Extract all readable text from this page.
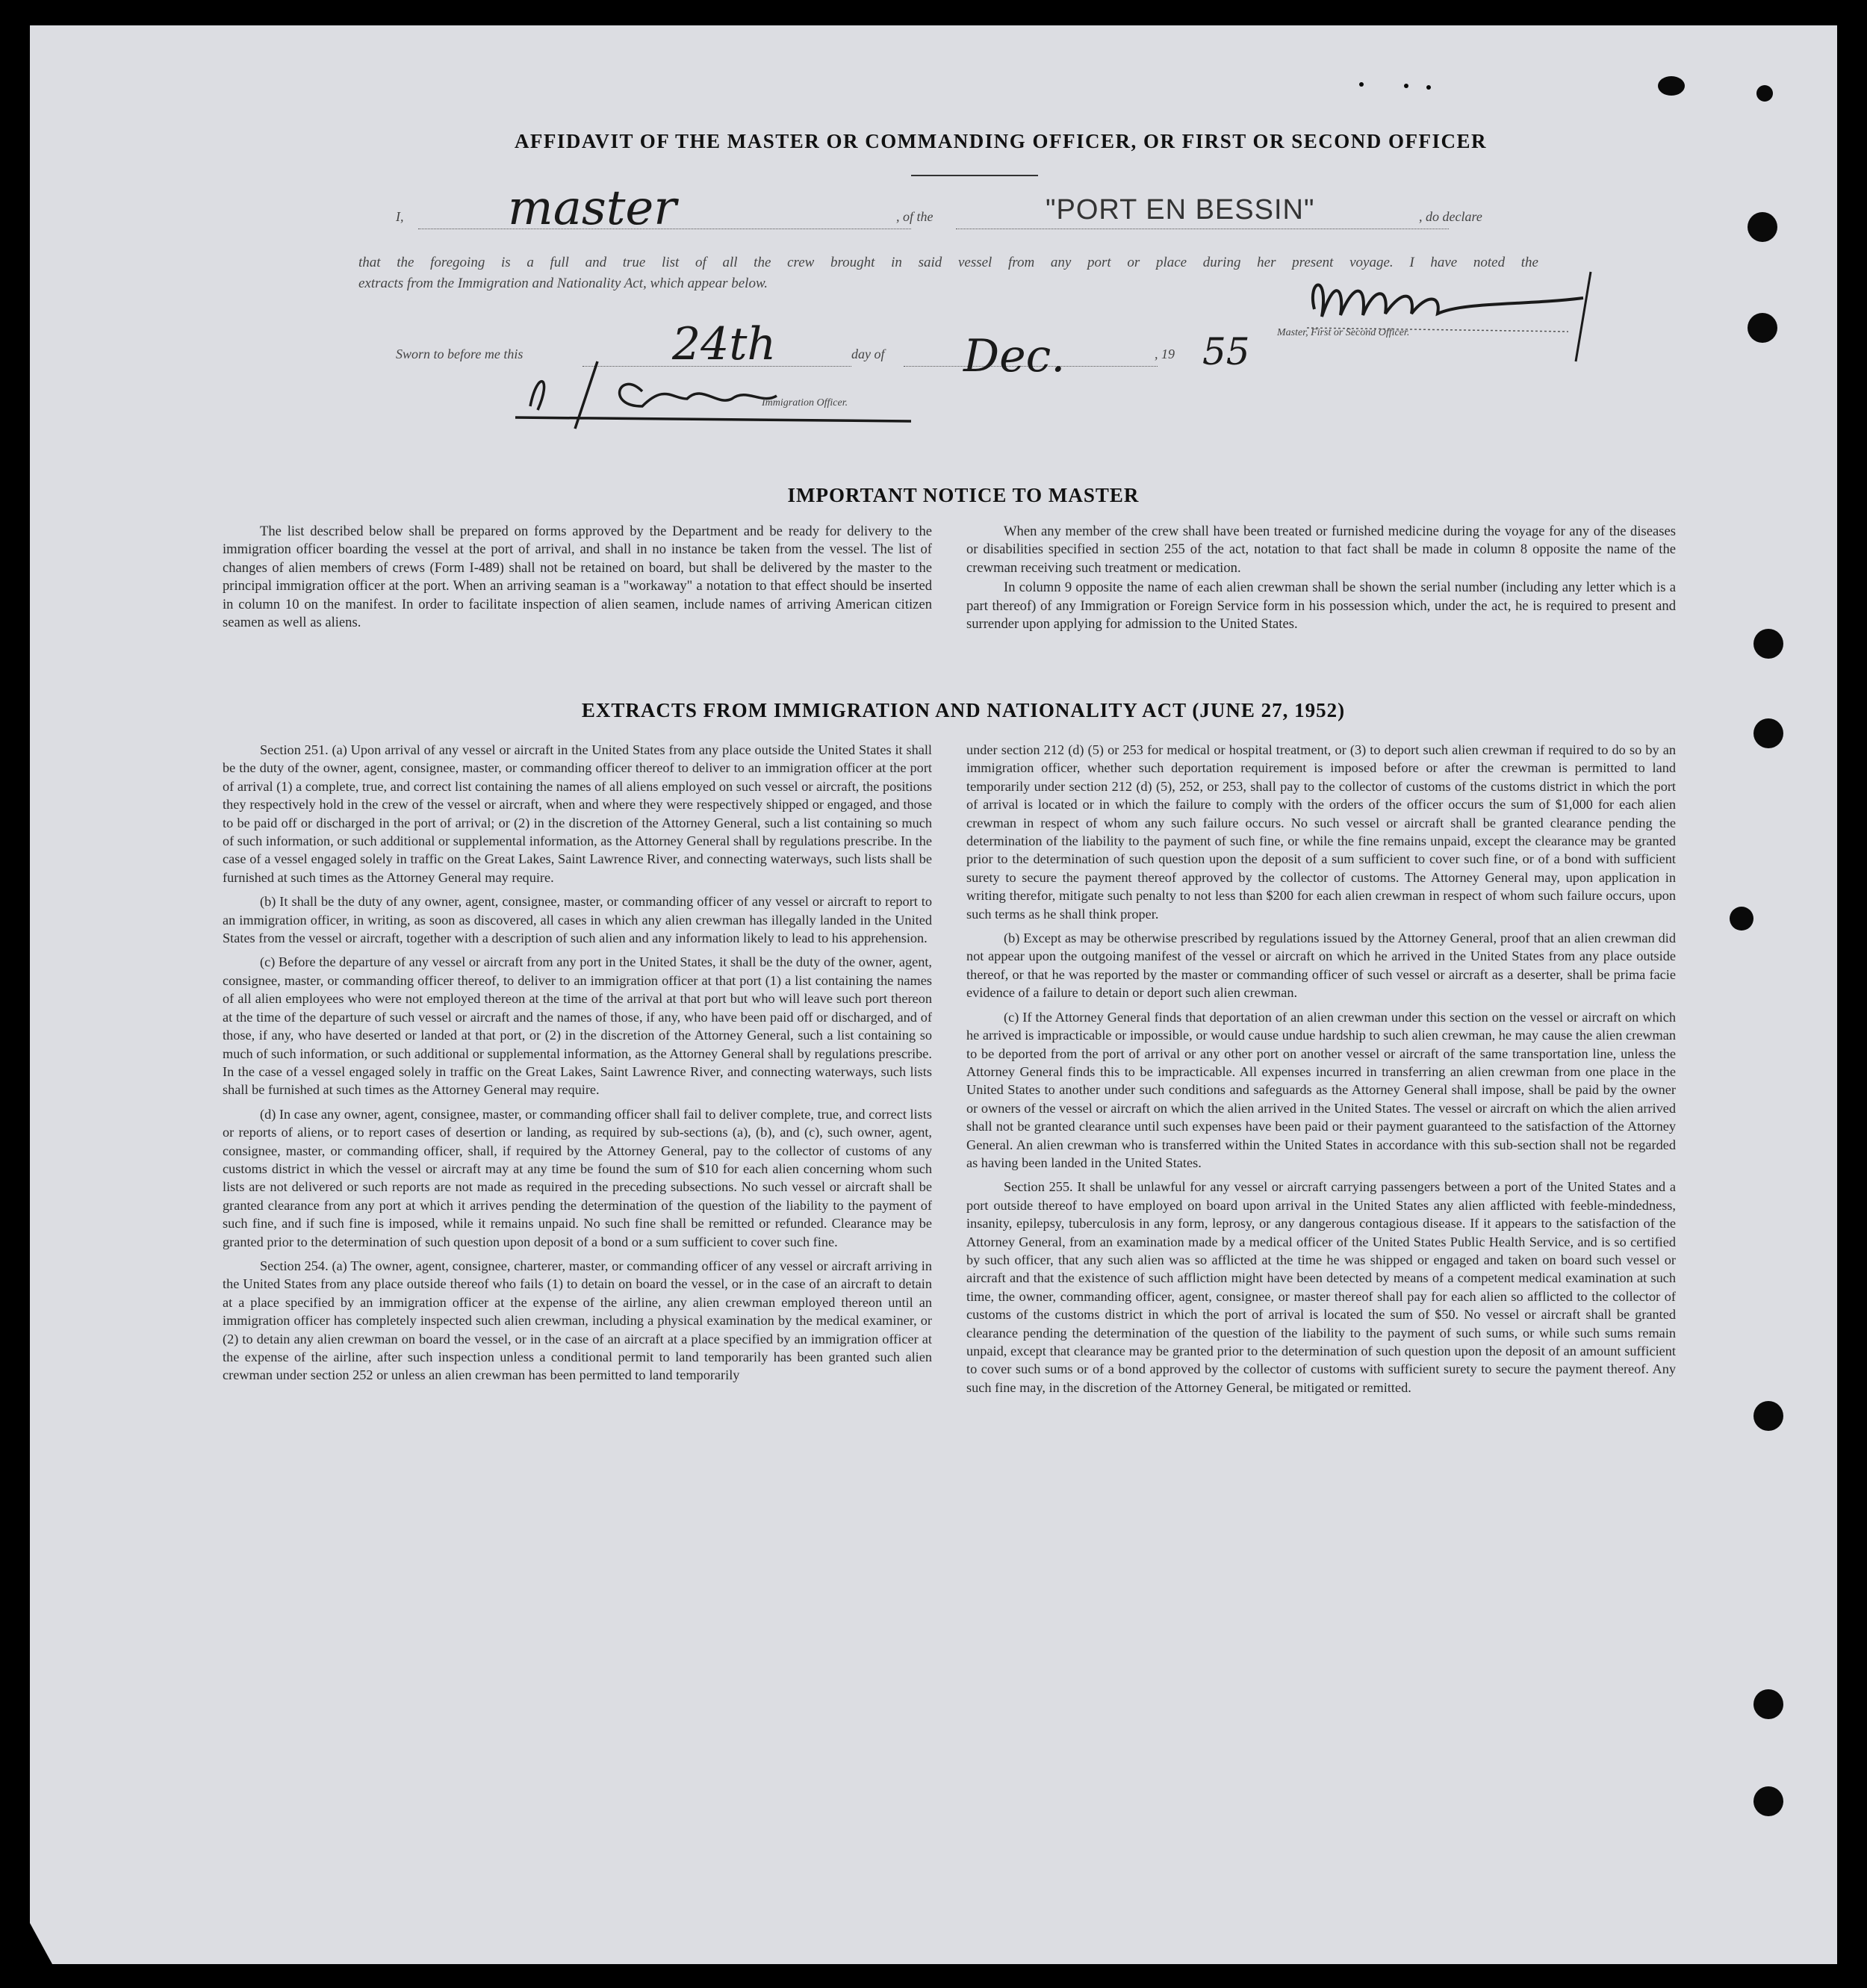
AFFIDAVIT OF THE MASTER OR COMMANDING OFFICER, OR FIRST OR SECOND OFFICER
I, master	, of the	"PORT EN BESSIN"	, do declare
that the foregoing is a full and true list of all the crew brought in said vessel from any port or place during her present voyage. I have noted the
extracts from the Immigration and Nationality Act, which appear below.
Master, First or Second Officer.
Sworn to before me this	24th	day of Dec.	, 19 55
Immigration Officer.
IMPORTANT NOTICE TO MASTER

The list described below shall be prepared on forms approved by the Department and be ready for delivery to the immigration officer boarding the vessel at the port of arrival, and shall in no instance be taken from the vessel. The list of changes of alien members of crews (Form I-489) shall not be retained on board, but shall be delivered by the master to the principal immigration officer at the port. When an arriving seaman is a "workaway" a notation to that effect should be inserted in column 10 on the manifest. In order to facilitate inspection of alien seamen, include names of arriving American citizen seamen as well as aliens.

When any member of the crew shall have been treated or furnished medicine during the voyage for any of the diseases or disabilities specified in section 255 of the act, notation to that fact shall be made in column 8 opposite the name of the crewman receiving such treatment or medication.

In column 9 opposite the name of each alien crewman shall be shown the serial number (including any letter which is a part thereof) of any Immigration or Foreign Service form in his possession which, under the act, he is required to present and surrender upon applying for admission to the United States.

EXTRACTS FROM IMMIGRATION AND NATIONALITY ACT (JUNE 27, 1952)

Section 251. (a) Upon arrival of any vessel or aircraft in the United States from any place outside the United States it shall be the duty of the owner, agent, consignee, master, or commanding officer thereof to deliver to an immigration officer at the port of arrival (1) a complete, true, and correct list containing the names of all aliens employed on such vessel or aircraft, the positions they respectively hold in the crew of the vessel or aircraft, when and where they were respectively shipped or engaged, and those to be paid off or discharged in the port of arrival; or (2) in the discretion of the Attorney General, such a list containing so much of such information, or such additional or supplemental information, as the Attorney General shall by regulations prescribe. In the case of a vessel engaged solely in traffic on the Great Lakes, Saint Lawrence River, and connecting waterways, such lists shall be furnished at such times as the Attorney General may require.

(b) It shall be the duty of any owner, agent, consignee, master, or commanding officer of any vessel or aircraft to report to an immigration officer, in writing, as soon as discovered, all cases in which any alien crewman has illegally landed in the United States from the vessel or aircraft, together with a description of such alien and any information likely to lead to his apprehension.

(c) Before the departure of any vessel or aircraft from any port in the United States, it shall be the duty of the owner, agent, consignee, master, or commanding officer thereof, to deliver to an immigration officer at that port (1) a list containing the names of all alien employees who were not employed thereon at the time of the arrival at that port but who will leave such port thereon at the time of the departure of such vessel or aircraft and the names of those, if any, who have been paid off or discharged, and of those, if any, who have deserted or landed at that port, or (2) in the discretion of the Attorney General, such a list containing so much of such information, or such additional or supplemental information, as the Attorney General shall by regulations prescribe. In the case of a vessel engaged solely in traffic on the Great Lakes, Saint Lawrence River, and connecting waterways, such lists shall be furnished at such times as the Attorney General may require.

(d) In case any owner, agent, consignee, master, or commanding officer shall fail to deliver complete, true, and correct lists or reports of aliens, or to report cases of desertion or landing, as required by sub-sections (a), (b), and (c), such owner, agent, consignee, master, or commanding officer, shall, if required by the Attorney General, pay to the collector of customs of any customs district in which the vessel or aircraft may at any time be found the sum of $10 for each alien concerning whom such lists are not delivered or such reports are not made as required in the preceding subsections. No such vessel or aircraft shall be granted clearance from any port at which it arrives pending the determination of the question of the liability to the payment of such fine, and if such fine is imposed, while it remains unpaid. No such fine shall be remitted or refunded. Clearance may be granted prior to the determination of such question upon deposit of a bond or a sum sufficient to cover such fine.

Section 254. (a) The owner, agent, consignee, charterer, master, or commanding officer of any vessel or aircraft arriving in the United States from any place outside thereof who fails (1) to detain on board the vessel, or in the case of an aircraft to detain at a place specified by an immigration officer at the expense of the airline, any alien crewman employed thereon until an immigration officer has completely inspected such alien crewman, including a physical examination by the medical examiner, or (2) to detain any alien crewman on board the vessel, or in the case of an aircraft at a place specified by an immigration officer at the expense of the airline, after such inspection unless a conditional permit to land temporarily has been granted such alien crewman under section 252 or unless an alien crewman has been permitted to land temporarily

under section 212 (d) (5) or 253 for medical or hospital treatment, or (3) to deport such alien crewman if required to do so by an immigration officer, whether such deportation requirement is imposed before or after the crewman is permitted to land temporarily under section 212 (d) (5), 252, or 253, shall pay to the collector of customs of the customs district in which the port of arrival is located or in which the failure to comply with the orders of the officer occurs the sum of $1,000 for each alien crewman in respect of whom any such failure occurs. No such vessel or aircraft shall be granted clearance pending the determination of the liability to the payment of such fine, or while the fine remains unpaid, except the clearance may be granted prior to the determination of such question upon the deposit of a sum sufficient to cover such fine, or of a bond with sufficient surety to secure the payment thereof approved by the collector of customs. The Attorney General may, upon application in writing therefor, mitigate such penalty to not less than $200 for each alien crewman in respect of whom such failure occurs, upon such terms as he shall think proper.

(b) Except as may be otherwise prescribed by regulations issued by the Attorney General, proof that an alien crewman did not appear upon the outgoing manifest of the vessel or aircraft on which he arrived in the United States from any place outside thereof, or that he was reported by the master or commanding officer of such vessel or aircraft as a deserter, shall be prima facie evidence of a failure to detain or deport such alien crewman.

(c) If the Attorney General finds that deportation of an alien crewman under this section on the vessel or aircraft on which he arrived is impracticable or impossible, or would cause undue hardship to such alien crewman, he may cause the alien crewman to be deported from the port of arrival or any other port on another vessel or aircraft of the same transportation line, unless the Attorney General finds this to be impracticable. All expenses incurred in transferring an alien crewman from one place in the United States to another under such conditions and safeguards as the Attorney General shall impose, shall be paid by the owner or owners of the vessel or aircraft on which the alien arrived in the United States. The vessel or aircraft on which the alien arrived shall not be granted clearance until such expenses have been paid or their payment guaranteed to the satisfaction of the Attorney General. An alien crewman who is transferred within the United States in accordance with this sub-section shall not be regarded as having been landed in the United States.

Section 255. It shall be unlawful for any vessel or aircraft carrying passengers between a port of the United States and a port outside thereof to have employed on board upon arrival in the United States any alien afflicted with feeble-mindedness, insanity, epilepsy, tuberculosis in any form, leprosy, or any dangerous contagious disease. If it appears to the satisfaction of the Attorney General, from an examination made by a medical officer of the United States Public Health Service, and is so certified by such officer, that any such alien was so afflicted at the time he was shipped or engaged and taken on board such vessel or aircraft and that the existence of such affliction might have been detected by means of a competent medical examination at such time, the owner, commanding officer, agent, consignee, or master thereof shall pay for each alien so afflicted to the collector of customs of the customs district in which the port of arrival is located the sum of $50. No vessel or aircraft shall be granted clearance pending the determination of the question of the liability to the payment of such sums, or while such sums remain unpaid, except that clearance may be granted prior to the determination of such question upon the deposit of an amount sufficient to cover such sums or of a bond approved by the collector of customs with sufficient surety to secure the payment thereof. Any such fine may, in the discretion of the Attorney General, be mitigated or remitted.
